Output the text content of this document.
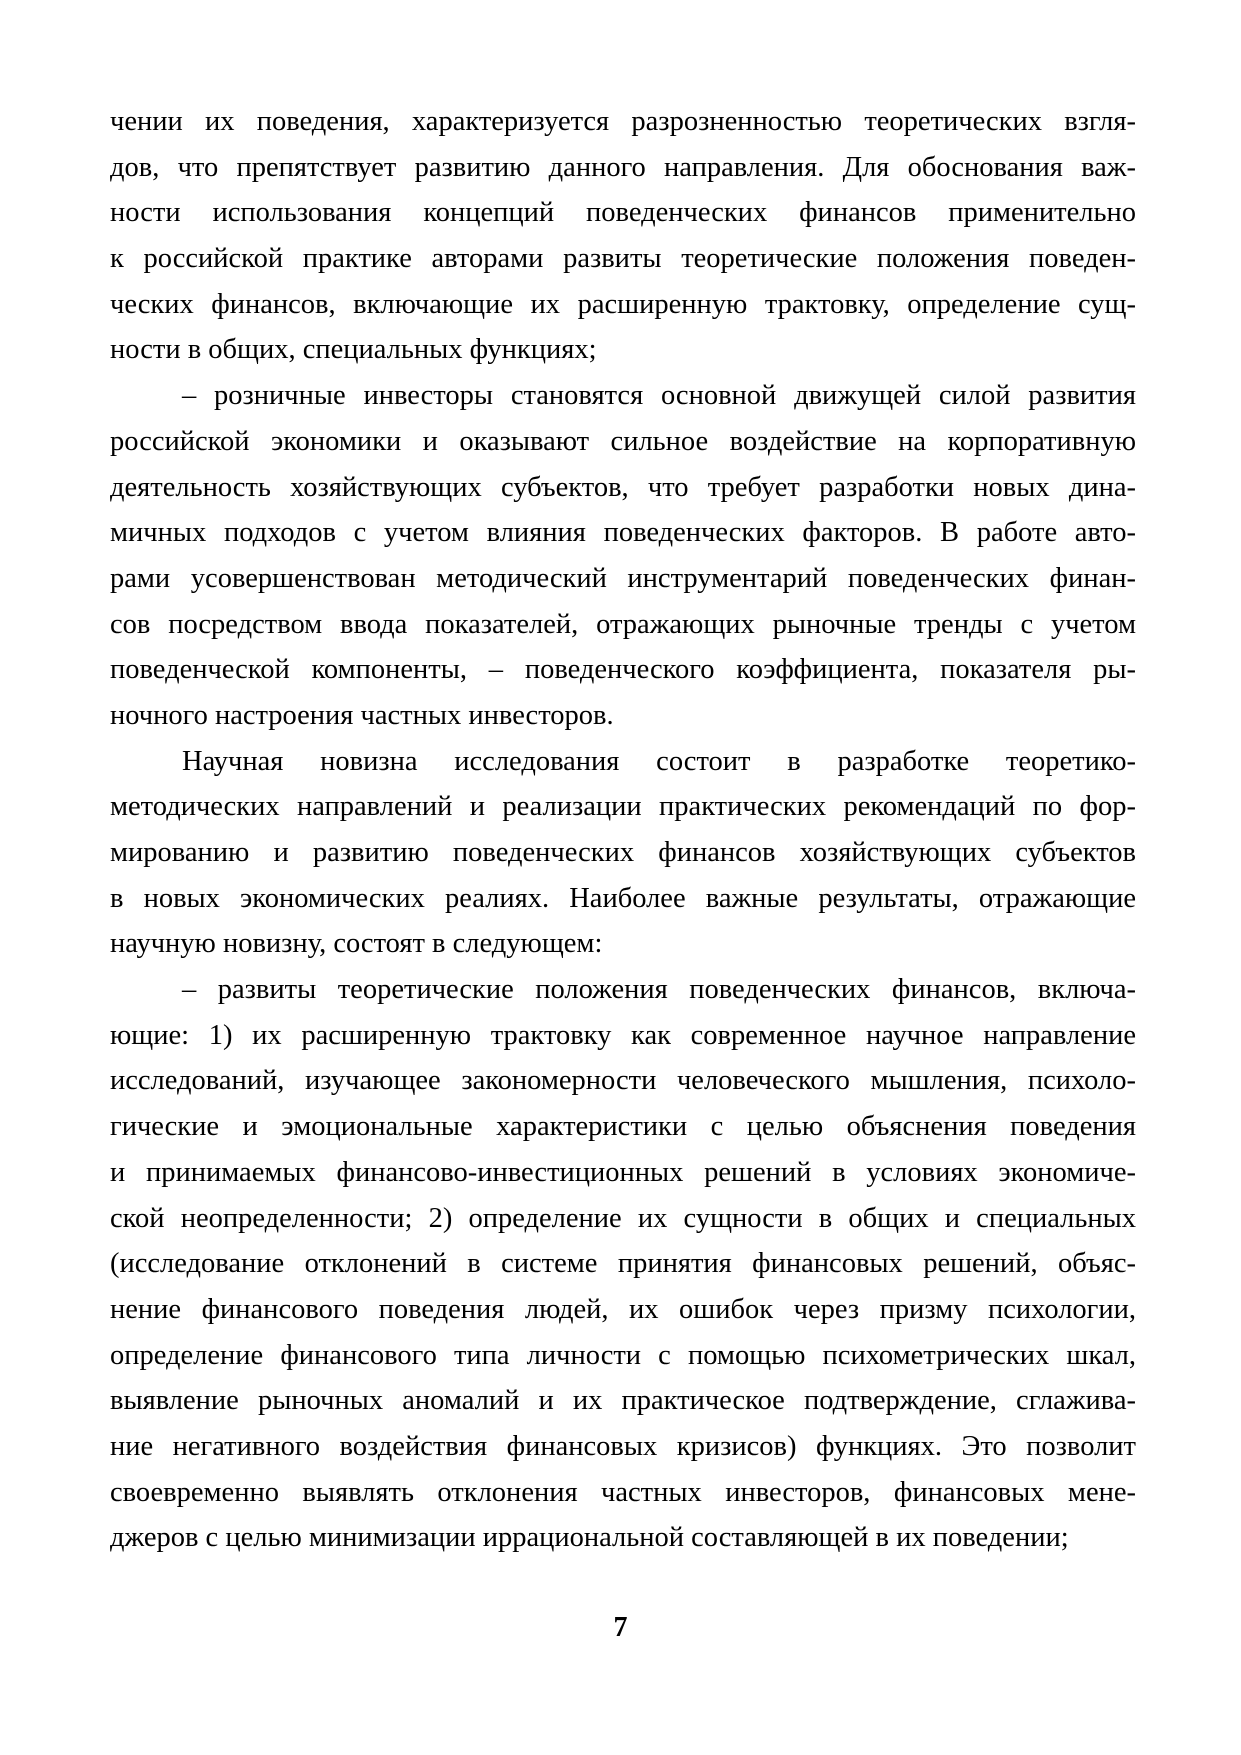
чении их поведения, характеризуется разрозненностью теоретических взгля-
дов, что препятствует развитию данного направления. Для обоснования важ-
ности использования концепций поведенческих финансов применительно
к российской практике авторами развиты теоретические положения поведен-
ческих финансов, включающие их расширенную трактовку, определение сущ-
ности в общих, специальных функциях;
– розничные инвесторы становятся основной движущей силой развития
российской экономики и оказывают сильное воздействие на корпоративную
деятельность хозяйствующих субъектов, что требует разработки новых дина-
мичных подходов с учетом влияния поведенческих факторов. В работе авто-
рами усовершенствован методический инструментарий поведенческих финан-
сов посредством ввода показателей, отражающих рыночные тренды с учетом
поведенческой компоненты, – поведенческого коэффициента, показателя ры-
ночного настроения частных инвесторов.
Научная новизна исследования состоит в разработке теоретико-
методических направлений и реализации практических рекомендаций по фор-
мированию и развитию поведенческих финансов хозяйствующих субъектов
в новых экономических реалиях. Наиболее важные результаты, отражающие
научную новизну, состоят в следующем:
– развиты теоретические положения поведенческих финансов, включа-
ющие: 1) их расширенную трактовку как современное научное направление
исследований, изучающее закономерности человеческого мышления, психоло-
гические и эмоциональные характеристики с целью объяснения поведения
и принимаемых финансово-инвестиционных решений в условиях экономиче-
ской неопределенности; 2) определение их сущности в общих и специальных
(исследование отклонений в системе принятия финансовых решений, объяс-
нение финансового поведения людей, их ошибок через призму психологии,
определение финансового типа личности с помощью психометрических шкал,
выявление рыночных аномалий и их практическое подтверждение, сглажива-
ние негативного воздействия финансовых кризисов) функциях. Это позволит
своевременно выявлять отклонения частных инвесторов, финансовых мене-
джеров с целью минимизации иррациональной составляющей в их поведении;
7
